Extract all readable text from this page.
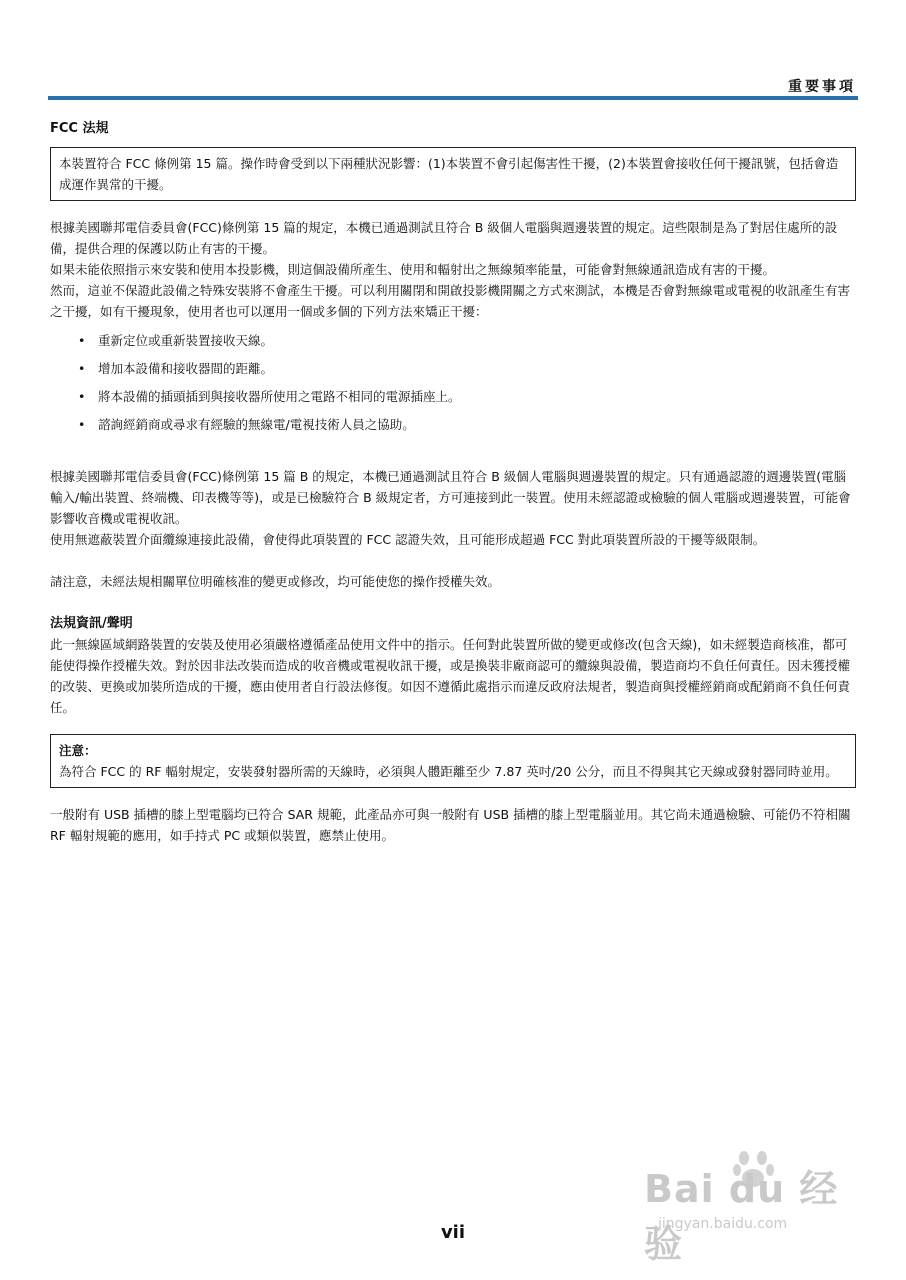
重要事項
FCC 法規

本裝置符合 FCC 條例第 15 篇。操作時會受到以下兩種狀況影響：(1)本裝置不會引起傷害性干擾，(2)本裝置會接收任何干擾訊號，包括會造成運作異常的干擾。

根據美國聯邦電信委員會(FCC)條例第 15 篇的規定，本機已通過測試且符合 B 級個人電腦與週邊裝置的規定。這些限制是為了對居住處所的設備，提供合理的保護以防止有害的干擾。

如果未能依照指示來安裝和使用本投影機，則這個設備所產生、使用和輻射出之無線頻率能量，可能會對無線通訊造成有害的干擾。

然而，這並不保證此設備之特殊安裝將不會產生干擾。可以利用關閉和開啟投影機開關之方式來測試，本機是否會對無線電或電視的收訊產生有害之干擾，如有干擾現象，使用者也可以運用一個或多個的下列方法來矯正干擾：

• 重新定位或重新裝置接收天線。
• 增加本設備和接收器間的距離。
• 將本設備的插頭插到與接收器所使用之電路不相同的電源插座上。
• 諮詢經銷商或尋求有經驗的無線電/電視技術人員之協助。

根據美國聯邦電信委員會(FCC)條例第 15 篇 B 的規定，本機已通過測試且符合 B 級個人電腦與週邊裝置的規定。只有通過認證的週邊裝置(電腦輸入/輸出裝置、終端機、印表機等等)，或是已檢驗符合 B 級規定者，方可連接到此一裝置。使用未經認證或檢驗的個人電腦或週邊裝置，可能會影響收音機或電視收訊。

使用無遮蔽裝置介面纜線連接此設備，會使得此項裝置的 FCC 認證失效，且可能形成超過 FCC 對此項裝置所設的干擾等級限制。

請注意，未經法規相關單位明確核准的變更或修改，均可能使您的操作授權失效。

法規資訊/聲明

此一無線區域網路裝置的安裝及使用必須嚴格遵循產品使用文件中的指示。任何對此裝置所做的變更或修改(包含天線)，如未經製造商核准，都可能使得操作授權失效。對於因非法改裝而造成的收音機或電視收訊干擾，或是換裝非廠商認可的纜線與設備，製造商均不負任何責任。因未獲授權的改裝、更換或加裝所造成的干擾，應由使用者自行設法修復。如因不遵循此處指示而違反政府法規者，製造商與授權經銷商或配銷商不負任何責任。

注意：

為符合 FCC 的 RF 輻射規定，安裝發射器所需的天線時，必須與人體距離至少 7.87 英吋/20 公分，而且不得與其它天線或發射器同時並用。

一般附有 USB 插槽的膝上型電腦均已符合 SAR 規範，此產品亦可與一般附有 USB 插槽的膝上型電腦並用。其它尚未通過檢驗、可能仍不符相關 RF 輻射規範的應用，如手持式 PC 或類似裝置，應禁止使用。

Bai du 经验
jingyan.baidu.com
vii
